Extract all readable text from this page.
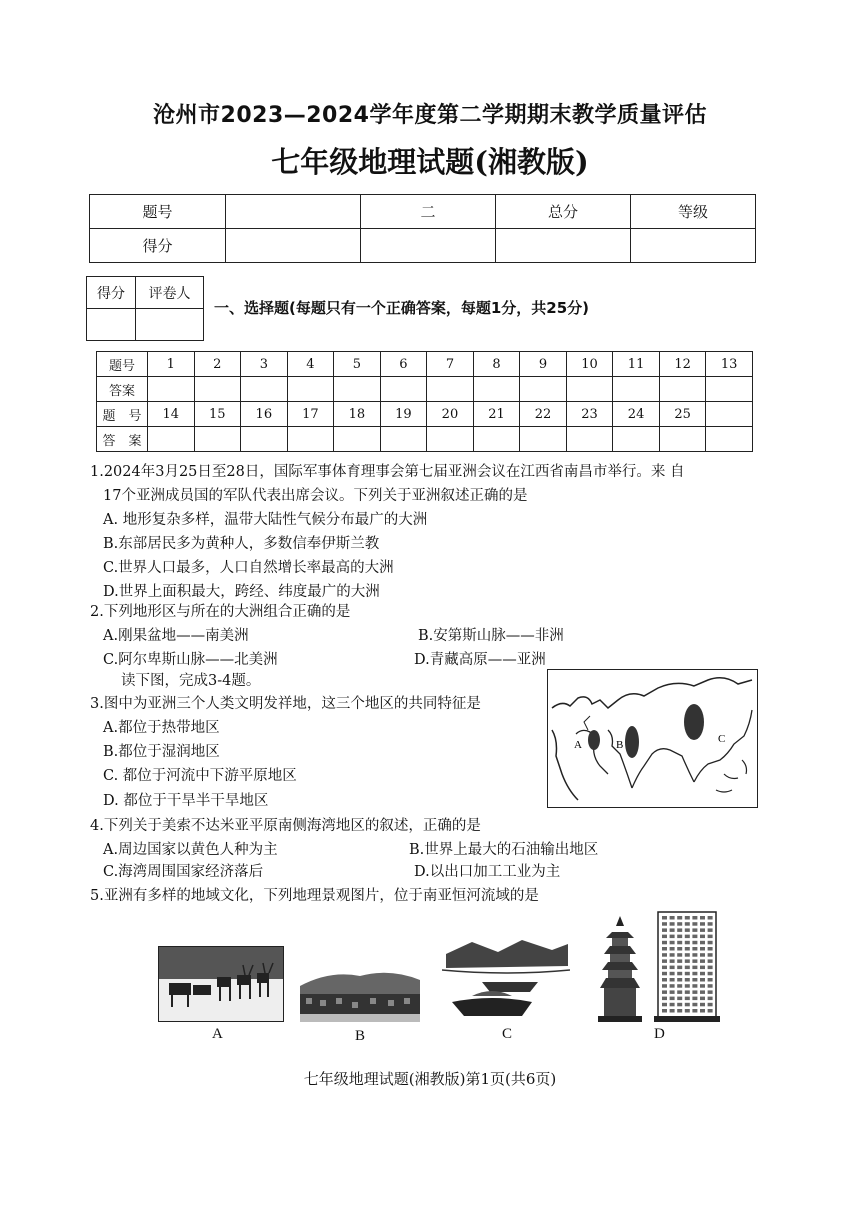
沧州市2023—2024学年度第二学期期末教学质量评估
七年级地理试题(湘教版)
题号		二	总分	等级
得分				
得分	评卷人

一、选择题(每题只有一个正确答案，每题1分，共25分)
题号	1	2	3	4	5	6	7	8	9	10	11	12	13
答案													
题　号	14	15	16	17	18	19	20	21	22	23	24	25	
答　案													
1.2024年3月25日至28日，国际军事体育理事会第七届亚洲会议在江西省南昌市举行。来 自
17个亚洲成员国的军队代表出席会议。下列关于亚洲叙述正确的是
A. 地形复杂多样，温带大陆性气候分布最广的大洲
B.东部居民多为黄种人，多数信奉伊斯兰教
C.世界人口最多，人口自然增长率最高的大洲
D.世界上面积最大，跨经、纬度最广的大洲
2.下列地形区与所在的大洲组合正确的是
A.刚果盆地——南美洲	B.安第斯山脉——非洲
C.阿尔卑斯山脉——北美洲	D.青藏高原——亚洲
读下图，完成3-4题。
3.图中为亚洲三个人类文明发祥地，这三个地区的共同特征是
A.都位于热带地区
B.都位于湿润地区
C. 都位于河流中下游平原地区
D. 都位于干旱半干旱地区
A	B	C
4.下列关于美索不达米亚平原南侧海湾地区的叙述，正确的是
A.周边国家以黄色人种为主	B.世界上最大的石油输出地区
C.海湾周围国家经济落后	D.以出口加工工业为主
5.亚洲有多样的地域文化，下列地理景观图片，位于南亚恒河流域的是
A	B	C	D
七年级地理试题(湘教版)第1页(共6页)
